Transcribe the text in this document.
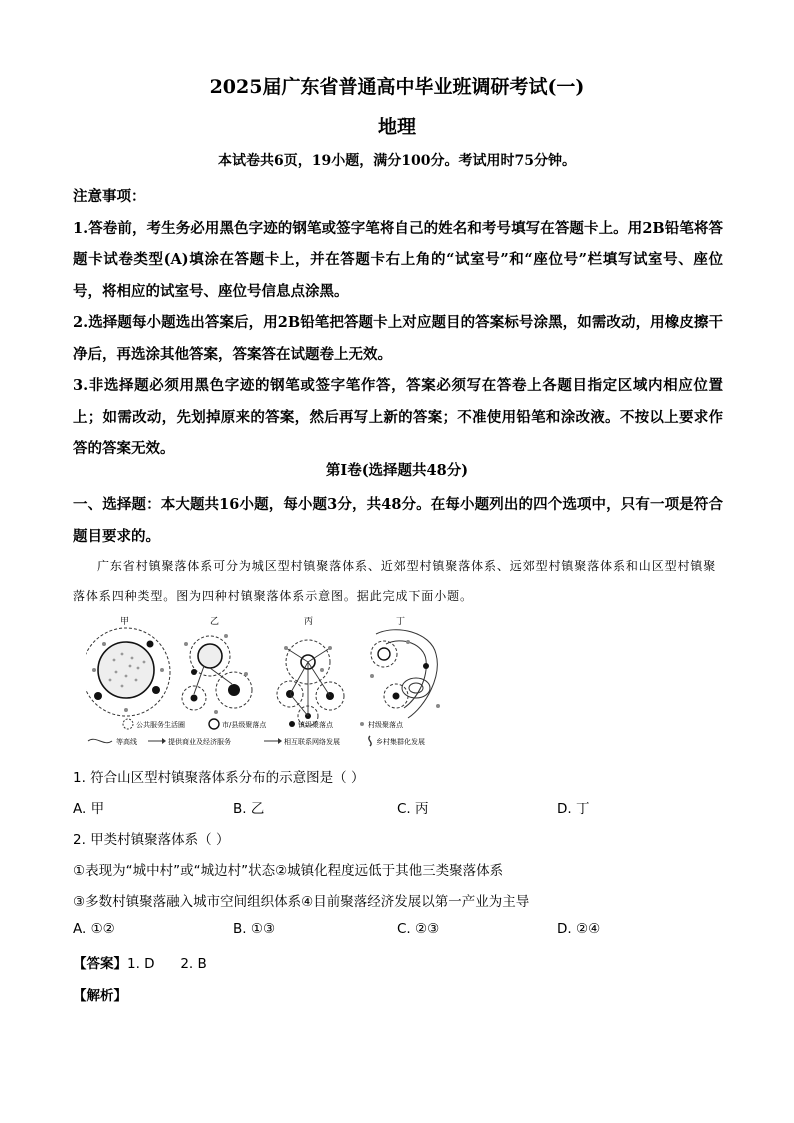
2025届广东省普通高中毕业班调研考试(一)
地理
本试卷共6页，19小题，满分100分。考试用时75分钟。

注意事项：

1.答卷前，考生务必用黑色字迹的钢笔或签字笔将自己的姓名和考号填写在答题卡上。用2B铅笔将答题卡试卷类型(A)填涂在答题卡上，并在答题卡右上角的“试室号”和“座位号”栏填写试室号、座位号，将相应的试室号、座位号信息点涂黑。

2.选择题每小题选出答案后，用2B铅笔把答题卡上对应题目的答案标号涂黑，如需改动，用橡皮擦干净后，再选涂其他答案，答案答在试题卷上无效。

3.非选择题必须用黑色字迹的钢笔或签字笔作答，答案必须写在答卷上各题目指定区域内相应位置上；如需改动，先划掉原来的答案，然后再写上新的答案；不准使用铅笔和涂改液。不按以上要求作答的答案无效。

第Ⅰ卷(选择题共48分)
一、选择题：本大题共16小题，每小题3分，共48分。在每小题列出的四个选项中，只有一项是符合题目要求的。
广东省村镇聚落体系可分为城区型村镇聚落体系、近郊型村镇聚落体系、远郊型村镇聚落体系和山区型村镇聚落体系四种类型。图为四种村镇聚落体系示意图。据此完成下面小题。
甲	乙	丙	丁
公共服务生活圈	市/县级聚落点	镇级聚落点	村级聚落点
等高线	提供商业及经济服务	相互联系网络发展	乡村集群化发展
1. 符合山区型村镇聚落体系分布的示意图是（ ）
A. 甲	B. 乙	C. 丙	D. 丁
2. 甲类村镇聚落体系（ ）
①表现为“城中村”或“城边村”状态②城镇化程度远低于其他三类聚落体系
③多数村镇聚落融入城市空间组织体系④目前聚落经济发展以第一产业为主导
A. ①②	B. ①③	C. ②③	D. ②④
【答案】1. D      2. B
【解析】
